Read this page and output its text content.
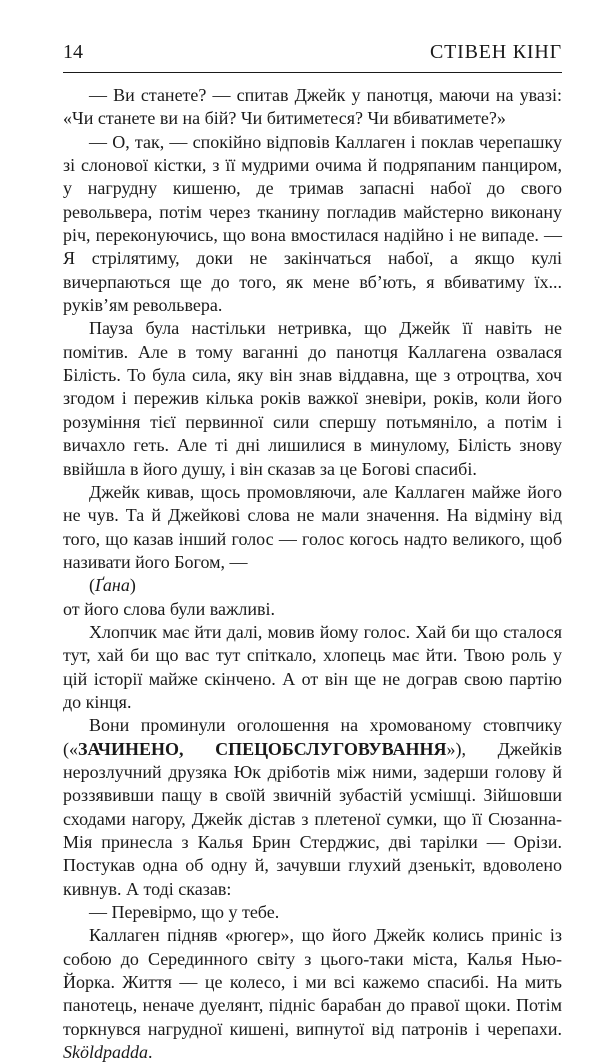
14	СТІВЕН КІНГ

— Ви станете? — спитав Джейк у панотця, маючи на увазі: «Чи станете ви на бій? Чи битиметеся? Чи вбиватимете?»

— О, так, — спокійно відповів Каллаген і поклав черепашку зі слонової кістки, з її мудрими очима й подряпаним панциром, у нагрудну кишеню, де тримав запасні набої до свого револьвера, потім через тканину погладив майстерно виконану річ, переконуючись, що вона вмостилася надійно і не випаде. — Я стрілятиму, доки не закінчаться набої, а якщо кулі вичерпаються ще до того, як мене вб’ють, я вбиватиму їх... руків’ям револьвера.

Пауза була настільки нетривка, що Джейк її навіть не помітив. Але в тому ваганні до панотця Каллагена озвалася Білість. То була сила, яку він знав віддавна, ще з отроцтва, хоч згодом і пережив кілька років важкої зневіри, років, коли його розуміння тієї первинної сили спершу потьмяніло, а потім і вичахло геть. Але ті дні лишилися в минулому, Білість знову ввійшла в його душу, і він сказав за це Богові спасибі.

Джейк кивав, щось промовляючи, але Каллаген майже його не чув. Та й Джейкові слова не мали значення. На відміну від того, що казав інший голос — голос когось надто великого, щоб називати його Богом, —

(Ґана)

от його слова були важливі.

Хлопчик має йти далі, мовив йому голос. Хай би що сталося тут, хай би що вас тут спіткало, хлопець має йти. Твою роль у цій історії майже скінчено. А от він ще не дограв свою партію до кінця.

Вони проминули оголошення на хромованому стовпчику («ЗАЧИНЕНО, СПЕЦОБСЛУГОВУВАННЯ»), Джейків нерозлучний друзяка Юк дріботів між ними, задерши голову й роззявивши пащу в своїй звичній зубастій усмішці. Зійшовши сходами нагору, Джейк дістав з плетеної сумки, що її Сюзанна-Мія принесла з Калья Брин Стерджис, дві тарілки — Орізи. Постукав одна об одну й, зачувши глухий дзенькіт, вдоволено кивнув. А тоді сказав:

— Перевірмо, що у тебе.

Каллаген підняв «рюгер», що його Джейк колись приніс із собою до Серединного світу з цього-таки міста, Калья Нью-Йорка. Життя — це колесо, і ми всі кажемо спасибі. На мить панотець, неначе дуелянт, підніс барабан до правої щоки. Потім торкнувся нагрудної кишені, випнутої від патронів і черепахи. Sköldpadda.
